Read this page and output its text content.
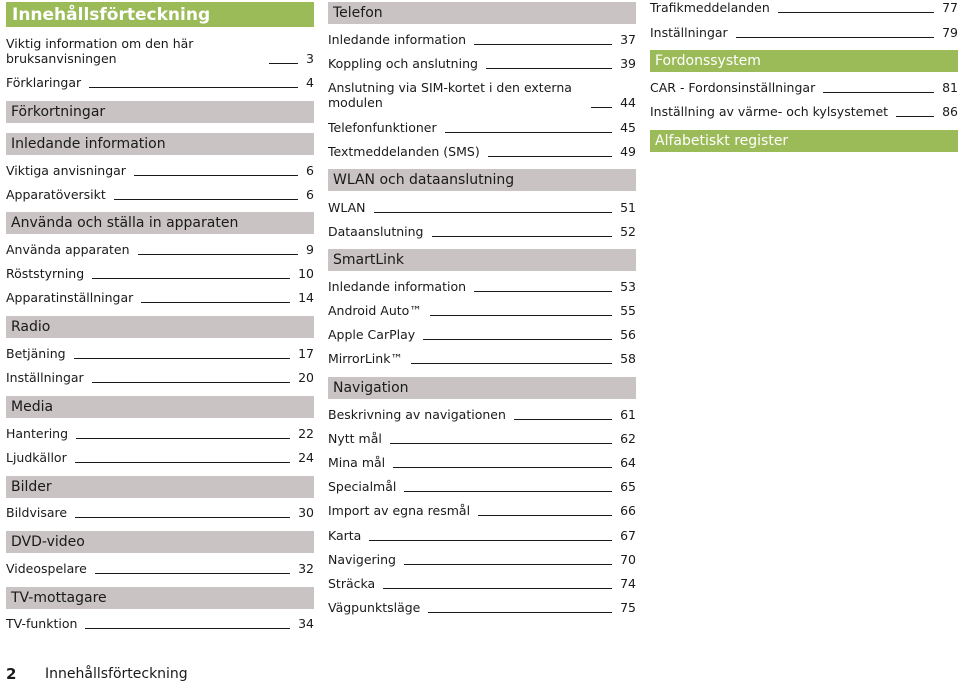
Innehållsförteckning
2 Innehållsförteckning
Viktig information om den här bruksanvisningen	3
Förklaringar	4
Förkortningar
Inledande information
Viktiga anvisningar	6
Apparatöversikt	6
Använda och ställa in apparaten
Använda apparaten	9
Röststyrning	10
Apparatinställningar	14
Radio
Betjäning	17
Inställningar	20
Media
Hantering	22
Ljudkällor	24
Bilder
Bildvisare	30
DVD-video
Videospelare	32
TV-mottagare
TV-funktion	34
Telefon
Inledande information	37
Koppling och anslutning	39
Anslutning via SIM-kortet i den externa modulen	44
Telefonfunktioner	45
Textmeddelanden (SMS)	49
WLAN och dataanslutning
WLAN	51
Dataanslutning	52
SmartLink
Inledande information	53
Android Auto™	55
Apple CarPlay	56
MirrorLink™	58
Navigation
Beskrivning av navigationen	61
Nytt mål	62
Mina mål	64
Specialmål	65
Import av egna resmål	66
Karta	67
Navigering	70
Sträcka	74
Vägpunktsläge	75
Trafikmeddelanden	77
Inställningar	79
Fordonssystem
CAR - Fordonsinställningar	81
Inställning av värme- och kylsystemet	86
Alfabetiskt register
